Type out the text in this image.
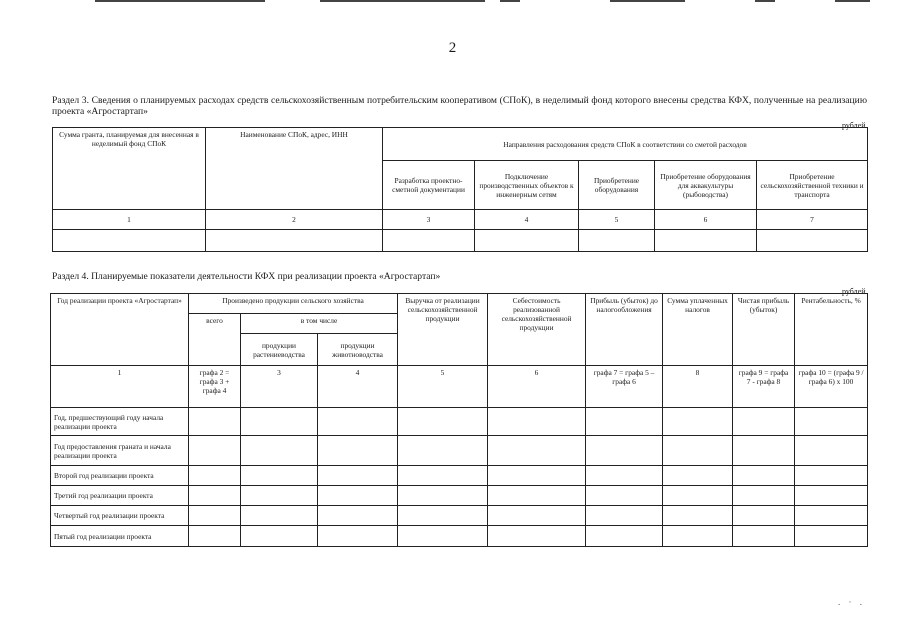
2
Раздел 3. Сведения о планируемых расходах средств сельскохозяйственным потребительским кооперативом (СПоК), в неделимый фонд которого внесены средства КФХ, полученные на реализацию проекта «Агростартап»
рублей
Сумма гранта, планируемая для внесенная в неделимый фонд СПоК	Наименование СПоК, адрес, ИНН	Направления расходования средств СПоК в соответствии со сметой расходов				
		Разработка проектно-сметной документации	Подключение производственных объектов к инженерным сетям	Приобретение оборудования	Приобретение оборудования для аквакультуры (рыбоводства)	Приобретение сельскохозяйственной техники и транспорта
1	2	3	4	5	6	7

Раздел 4. Планируемые показатели деятельности КФХ при реализации проекта «Агростартап»
рублей
Год реализации проекта «Агростартап»	Произведено продукции сельского хозяйства			Выручка от реализации сельскохозяйственной продукции	Себестоимость реализованной сельскохозяйственной продукции	Прибыль (убыток) до налогообложения	Сумма уплаченных налогов	Чистая прибыль (убыток)	Рентабельность, %
	всего	в том числе							
		продукции растениеводства	продукции животноводства						
1	графа 2 = графа 3 + графа 4	3	4	5	6	графа 7 = графа 5 – графа 6	8	графа 9 = графа 7 - графа 8	графа 10 = (графа 9 / графа 6) х 100
Год, предшествующий году начала реализации проекта									
Год предоставления граната и начала реализации проекта									
Второй год реализации проекта									
Третий год реализации проекта									
Четвертый год реализации проекта									
Пятый год реализации проекта									
. · .
